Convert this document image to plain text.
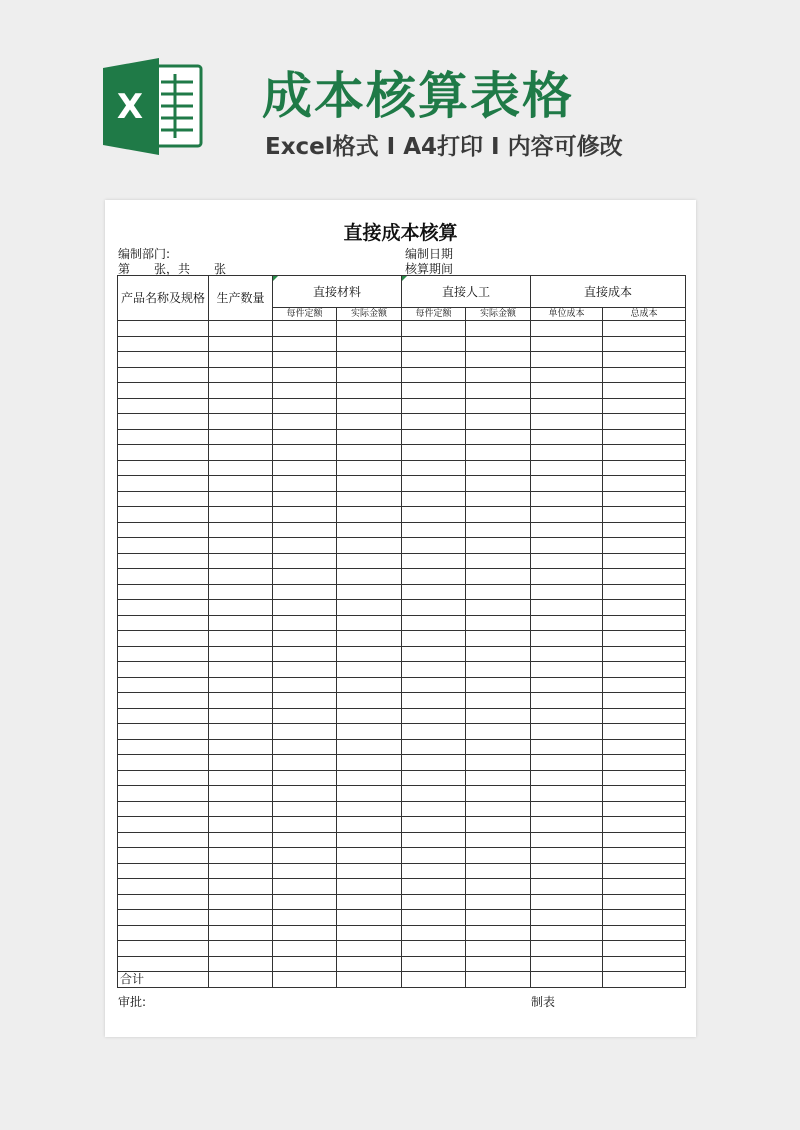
X 成本核算表格
Excel格式 I A4打印 I 内容可修改
直接成本核算
编制部门:
第　　张，共　　张
编制日期
核算期间
产品名称及规格	生产数量	直接材料		直接人工		直接成本	
		每件定额	实际金额	每件定额	实际金额	单位成本	总成本

合计							
审批:	制表
